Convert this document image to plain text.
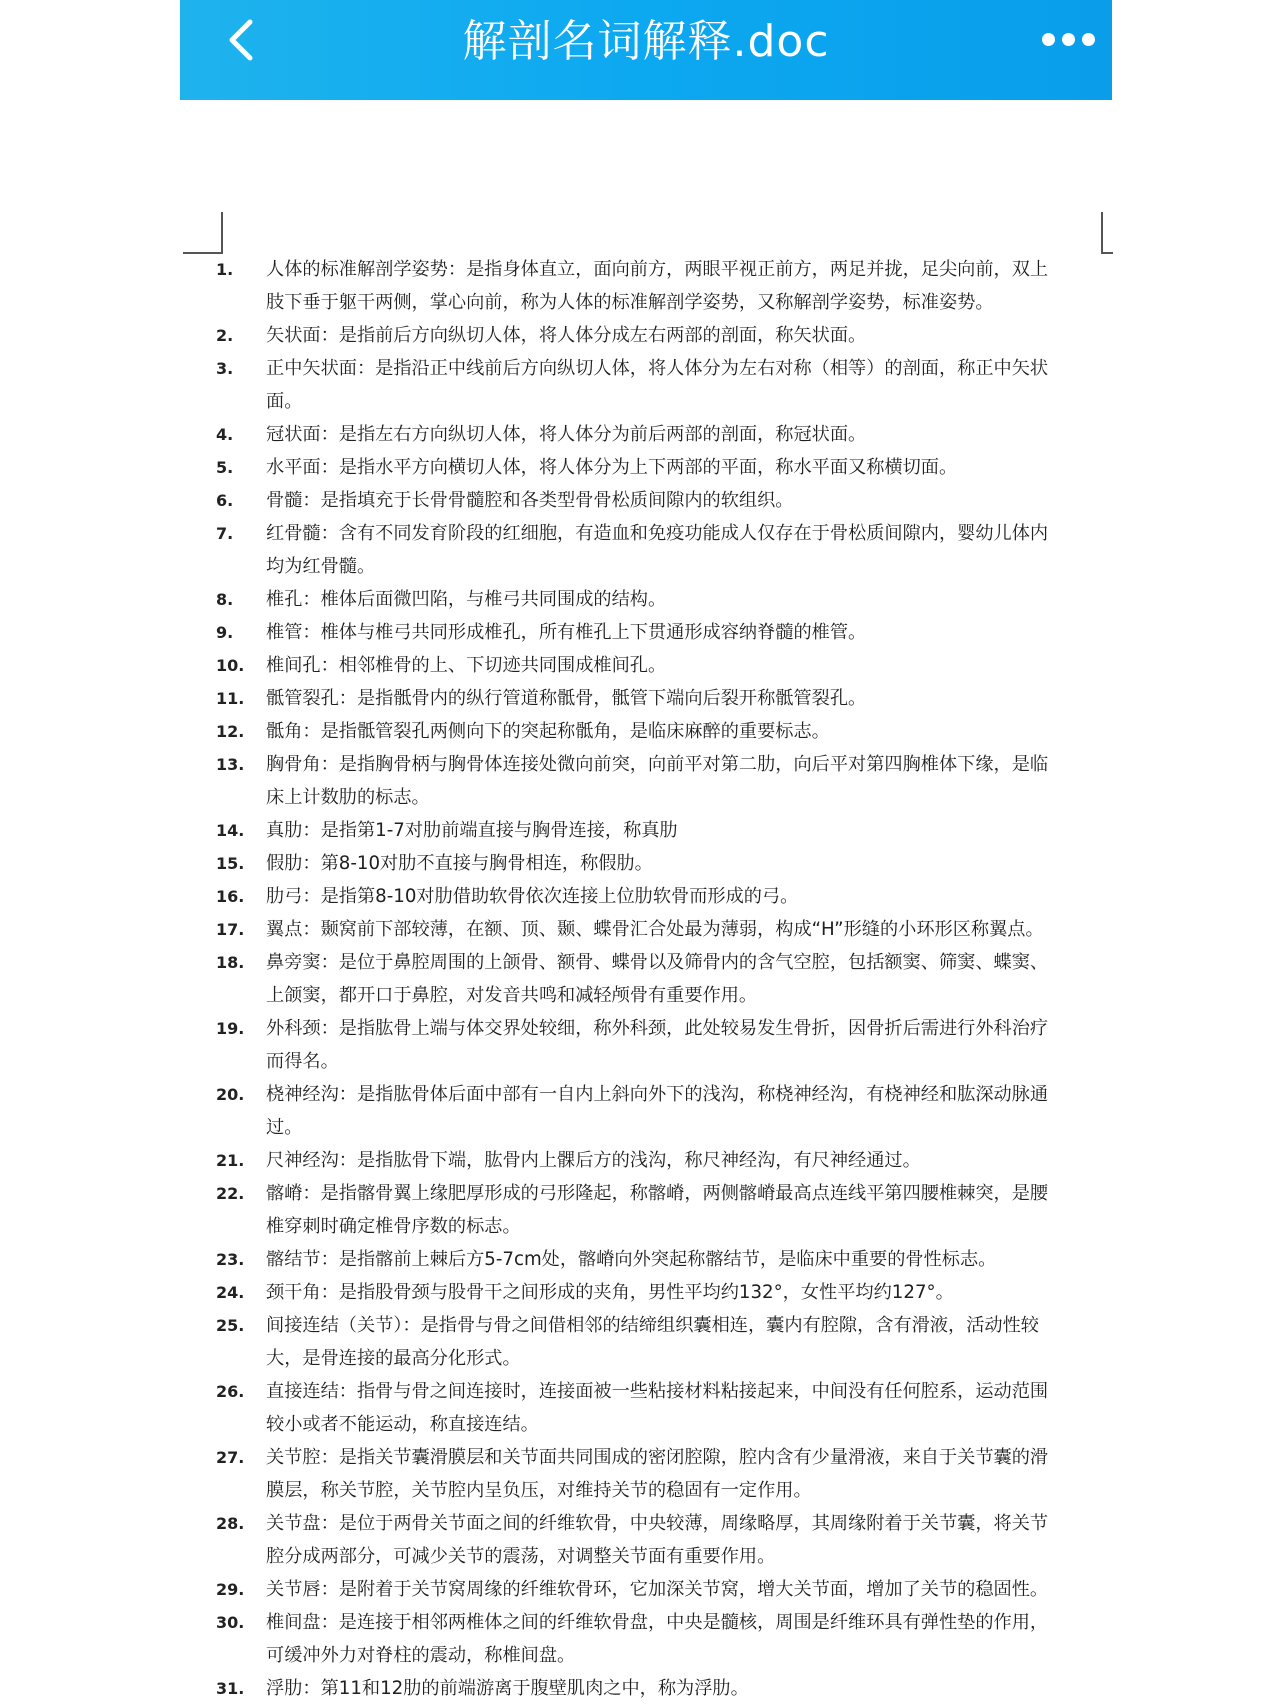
解剖名词解释.doc
1.	人体的标准解剖学姿势：是指身体直立，面向前方，两眼平视正前方，两足并拢，足尖向前，双上
肢下垂于躯干两侧，掌心向前，称为人体的标准解剖学姿势，又称解剖学姿势，标准姿势。
2.	矢状面：是指前后方向纵切人体，将人体分成左右两部的剖面，称矢状面。
3.	正中矢状面：是指沿正中线前后方向纵切人体，将人体分为左右对称（相等）的剖面，称正中矢状
面。
4.	冠状面：是指左右方向纵切人体，将人体分为前后两部的剖面，称冠状面。
5.	水平面：是指水平方向横切人体，将人体分为上下两部的平面，称水平面又称横切面。
6.	骨髓：是指填充于长骨骨髓腔和各类型骨骨松质间隙内的软组织。
7.	红骨髓：含有不同发育阶段的红细胞，有造血和免疫功能成人仅存在于骨松质间隙内，婴幼儿体内
均为红骨髓。
8.	椎孔：椎体后面微凹陷，与椎弓共同围成的结构。
9.	椎管：椎体与椎弓共同形成椎孔，所有椎孔上下贯通形成容纳脊髓的椎管。
10.	椎间孔：相邻椎骨的上、下切迹共同围成椎间孔。
11.	骶管裂孔：是指骶骨内的纵行管道称骶骨，骶管下端向后裂开称骶管裂孔。
12.	骶角：是指骶管裂孔两侧向下的突起称骶角，是临床麻醉的重要标志。
13.	胸骨角：是指胸骨柄与胸骨体连接处微向前突，向前平对第二肋，向后平对第四胸椎体下缘，是临
床上计数肋的标志。
14.	真肋：是指第1-7对肋前端直接与胸骨连接，称真肋
15.	假肋：第8-10对肋不直接与胸骨相连，称假肋。
16.	肋弓：是指第8-10对肋借助软骨依次连接上位肋软骨而形成的弓。
17.	翼点：颞窝前下部较薄，在额、顶、颞、蝶骨汇合处最为薄弱，构成“H”形缝的小环形区称翼点。
18.	鼻旁窦：是位于鼻腔周围的上颌骨、额骨、蝶骨以及筛骨内的含气空腔，包括额窦、筛窦、蝶窦、
上颌窦，都开口于鼻腔，对发音共鸣和减轻颅骨有重要作用。
19.	外科颈：是指肱骨上端与体交界处较细，称外科颈，此处较易发生骨折，因骨折后需进行外科治疗
而得名。
20.	桡神经沟：是指肱骨体后面中部有一自内上斜向外下的浅沟，称桡神经沟，有桡神经和肱深动脉通
过。
21.	尺神经沟：是指肱骨下端，肱骨内上髁后方的浅沟，称尺神经沟，有尺神经通过。
22.	髂嵴：是指髂骨翼上缘肥厚形成的弓形隆起，称髂嵴，两侧髂嵴最高点连线平第四腰椎棘突，是腰
椎穿刺时确定椎骨序数的标志。
23.	髂结节：是指髂前上棘后方5-7cm处，髂嵴向外突起称髂结节，是临床中重要的骨性标志。
24.	颈干角：是指股骨颈与股骨干之间形成的夹角，男性平均约132°，女性平均约127°。
25.	间接连结（关节）：是指骨与骨之间借相邻的结缔组织囊相连，囊内有腔隙，含有滑液，活动性较
大，是骨连接的最高分化形式。
26.	直接连结：指骨与骨之间连接时，连接面被一些粘接材料粘接起来，中间没有任何腔系，运动范围
较小或者不能运动，称直接连结。
27.	关节腔：是指关节囊滑膜层和关节面共同围成的密闭腔隙，腔内含有少量滑液，来自于关节囊的滑
膜层，称关节腔，关节腔内呈负压，对维持关节的稳固有一定作用。
28.	关节盘：是位于两骨关节面之间的纤维软骨，中央较薄，周缘略厚，其周缘附着于关节囊，将关节
腔分成两部分，可减少关节的震荡，对调整关节面有重要作用。
29.	关节唇：是附着于关节窝周缘的纤维软骨环，它加深关节窝，增大关节面，增加了关节的稳固性。
30.	椎间盘：是连接于相邻两椎体之间的纤维软骨盘，中央是髓核，周围是纤维环具有弹性垫的作用，
可缓冲外力对脊柱的震动，称椎间盘。
31.	浮肋：第11和12肋的前端游离于腹壁肌肉之中，称为浮肋。
